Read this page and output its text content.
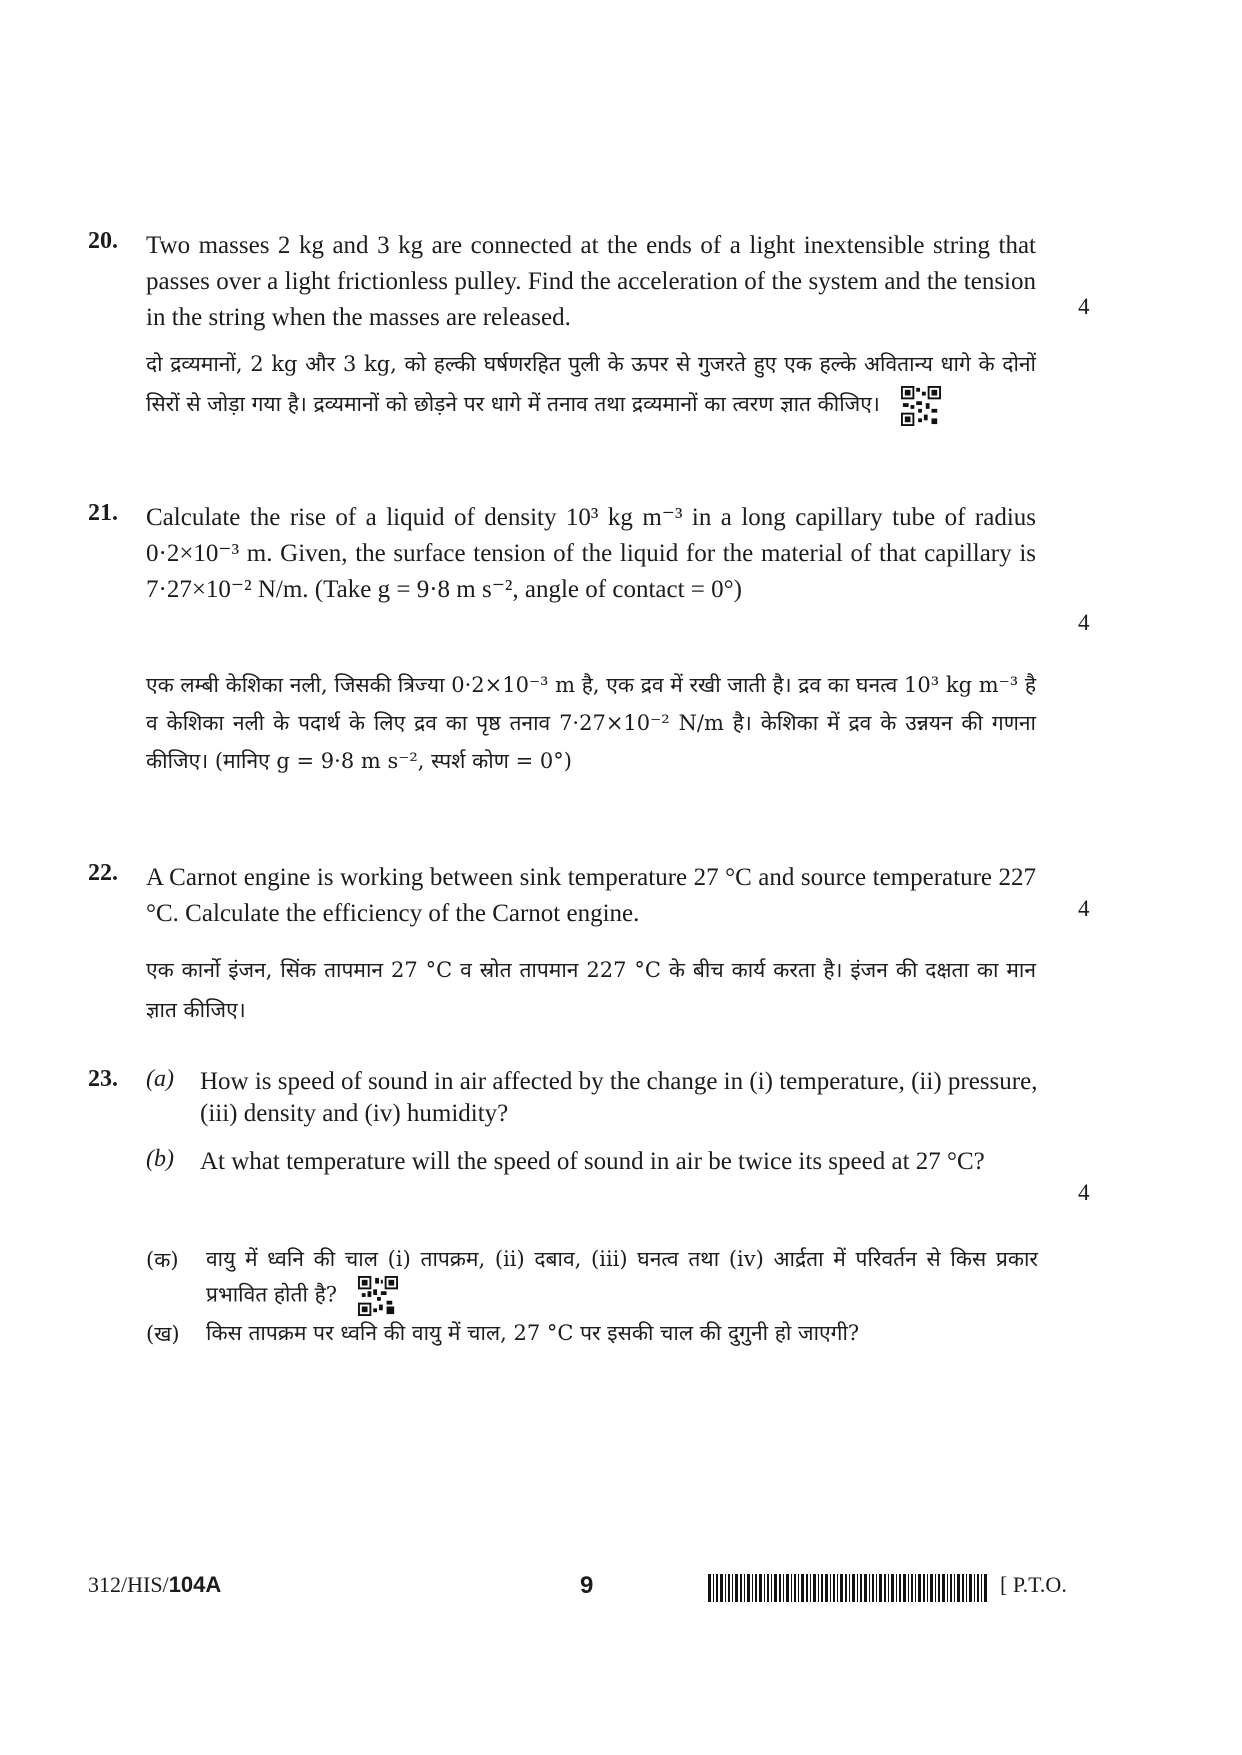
20. Two masses 2 kg and 3 kg are connected at the ends of a light inextensible string that passes over a light frictionless pulley. Find the acceleration of the system and the tension in the string when the masses are released.	4
दो द्रव्यमानों, 2 kg और 3 kg, को हल्की घर्षणरहित पुली के ऊपर से गुजरते हुए एक हल्के अवितान्य धागे के दोनों सिरों से जोड़ा गया है। द्रव्यमानों को छोड़ने पर धागे में तनाव तथा द्रव्यमानों का त्वरण ज्ञात कीजिए।
21. Calculate the rise of a liquid of density 10³ kg m⁻³ in a long capillary tube of radius 0·2×10⁻³ m. Given, the surface tension of the liquid for the material of that capillary is 7·27×10⁻² N/m. (Take g = 9·8 m s⁻², angle of contact = 0°)
4
एक लम्बी केशिका नली, जिसकी त्रिज्या 0·2×10⁻³ m है, एक द्रव में रखी जाती है। द्रव का घनत्व 10³ kg m⁻³ है व केशिका नली के पदार्थ के लिए द्रव का पृष्ठ तनाव 7·27×10⁻² N/m है। केशिका में द्रव के उन्नयन की गणना कीजिए। (मानिए g = 9·8 m s⁻², स्पर्श कोण = 0°)
22. A Carnot engine is working between sink temperature 27 °C and source temperature 227 °C. Calculate the efficiency of the Carnot engine.	4
एक कार्नो इंजन, सिंक तापमान 27 °C व स्रोत तापमान 227 °C के बीच कार्य करता है। इंजन की दक्षता का मान ज्ञात कीजिए।
23. (a) How is speed of sound in air affected by the change in (i) temperature, (ii) pressure, (iii) density and (iv) humidity?
(b) At what temperature will the speed of sound in air be twice its speed at 27 °C?
4
(क) वायु में ध्वनि की चाल (i) तापक्रम, (ii) दबाव, (iii) घनत्व तथा (iv) आर्द्रता में परिवर्तन से किस प्रकार प्रभावित होती है?
(ख) किस तापक्रम पर ध्वनि की वायु में चाल, 27 °C पर इसकी चाल की दुगुनी हो जाएगी?
312/HIS/104A	9	[ P.T.O.
